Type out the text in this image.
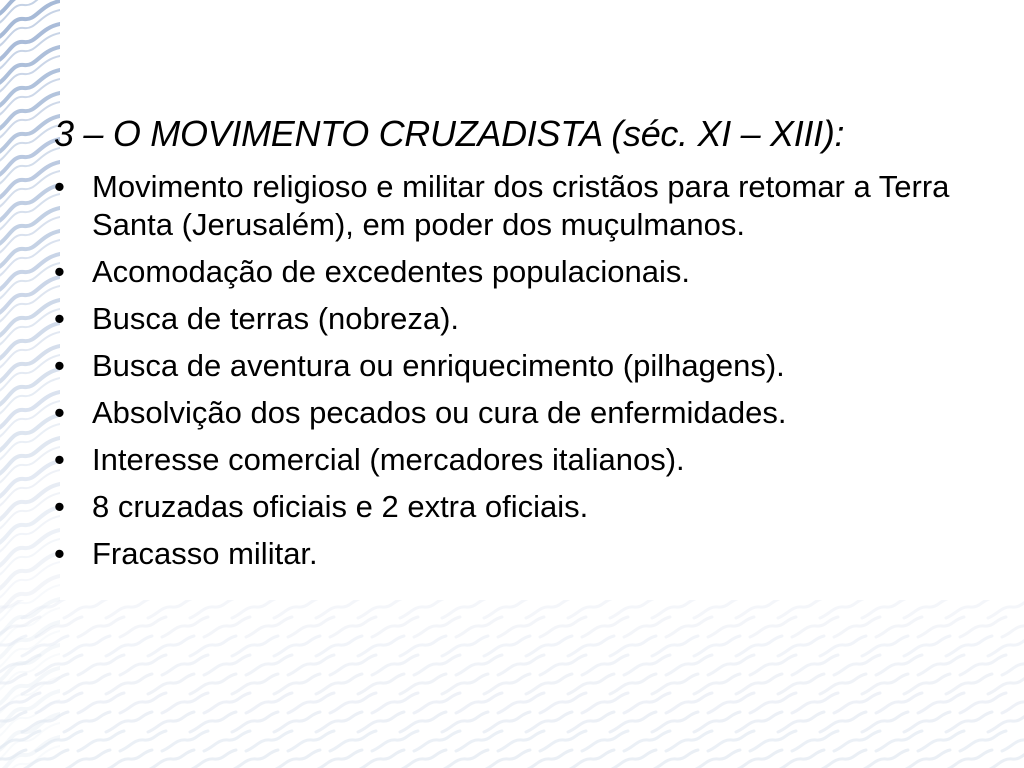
3 – O MOVIMENTO CRUZADISTA (séc. XI – XIII):
• Movimento religioso e militar dos cristãos para retomar a Terra Santa (Jerusalém), em poder dos muçulmanos.
• Acomodação de excedentes populacionais.
• Busca de terras (nobreza).
• Busca de aventura ou enriquecimento (pilhagens).
• Absolvição dos pecados ou cura de enfermidades.
• Interesse comercial (mercadores italianos).
• 8 cruzadas oficiais e 2 extra oficiais.
• Fracasso militar.
